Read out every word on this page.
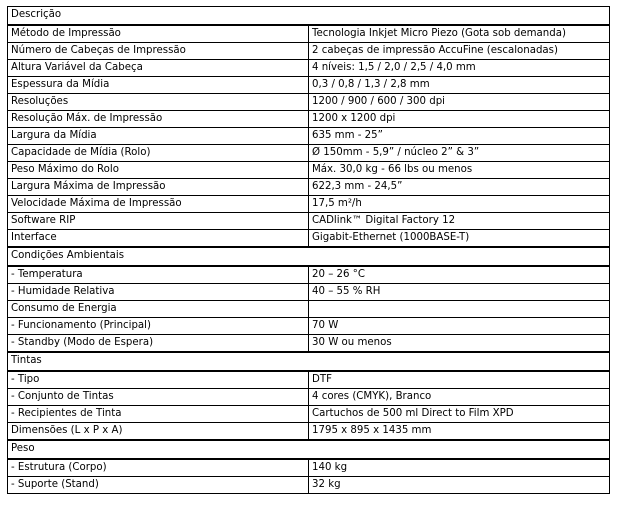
Descrição	
Método de Impressão	Tecnologia Inkjet Micro Piezo (Gota sob demanda)
Número de Cabeças de Impressão	2 cabeças de impressão AccuFine (escalonadas)
Altura Variável da Cabeça	4 níveis: 1,5 / 2,0 / 2,5 / 4,0 mm
Espessura da Mídia	0,3 / 0,8 / 1,3 / 2,8 mm
Resoluções	1200 / 900 / 600 / 300 dpi
Resolução Máx. de Impressão	1200 x 1200 dpi
Largura da Mídia	635 mm - 25”
Capacidade de Mídia (Rolo)	Ø 150mm - 5,9” / núcleo 2” & 3”
Peso Máximo do Rolo	Máx. 30,0 kg - 66 lbs ou menos
Largura Máxima de Impressão	622,3 mm - 24,5”
Velocidade Máxima de Impressão	17,5 m²/h
Software RIP	CADlink™ Digital Factory 12
Interface	Gigabit-Ethernet (1000BASE-T)
Condições Ambientais	
- Temperatura	20 – 26 °C
- Humidade Relativa	40 – 55 % RH
Consumo de Energia	
- Funcionamento (Principal)	70 W
- Standby (Modo de Espera)	30 W ou menos
Tintas	
- Tipo	DTF
- Conjunto de Tintas	4 cores (CMYK), Branco
- Recipientes de Tinta	Cartuchos de 500 ml Direct to Film XPD
Dimensões (L x P x A)	1795 x 895 x 1435 mm
Peso	
- Estrutura (Corpo)	140 kg
- Suporte (Stand)	32 kg
